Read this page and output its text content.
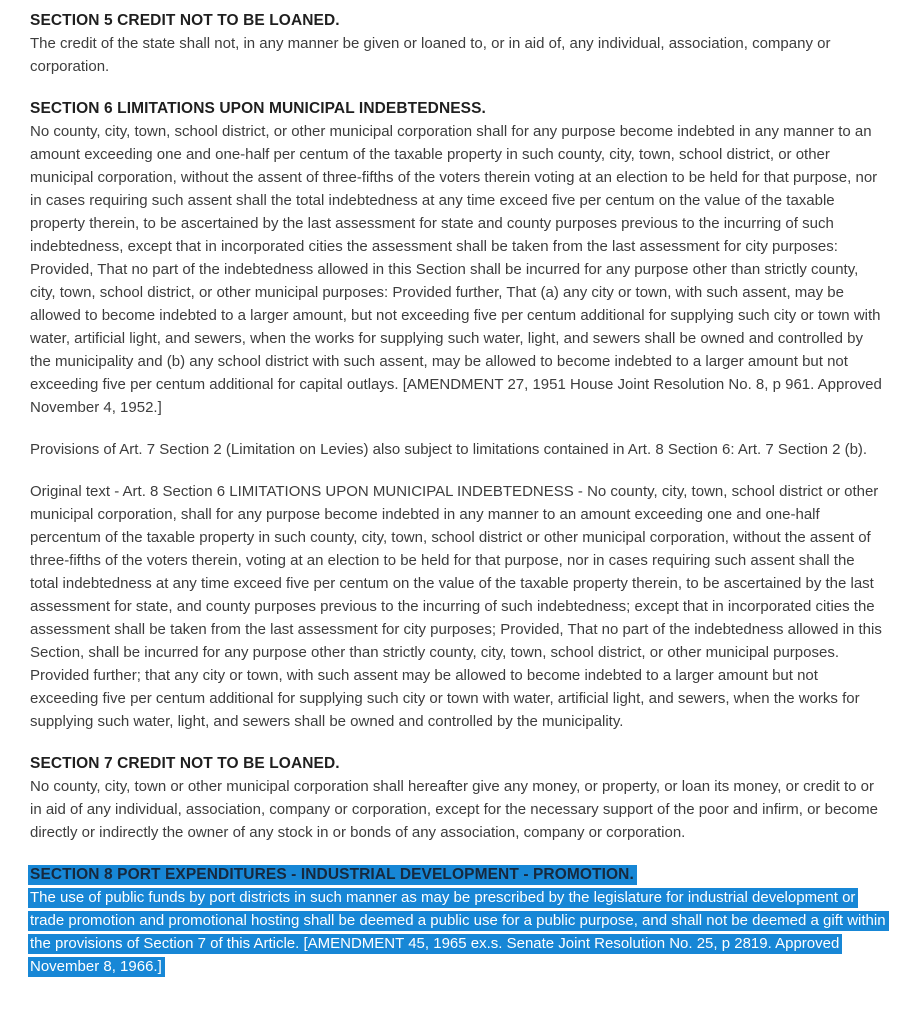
SECTION 5 CREDIT NOT TO BE LOANED.

The credit of the state shall not, in any manner be given or loaned to, or in aid of, any individual, association, company or corporation.

SECTION 6 LIMITATIONS UPON MUNICIPAL INDEBTEDNESS.

No county, city, town, school district, or other municipal corporation shall for any purpose become indebted in any manner to an amount exceeding one and one-half per centum of the taxable property in such county, city, town, school district, or other municipal corporation, without the assent of three-fifths of the voters therein voting at an election to be held for that purpose, nor in cases requiring such assent shall the total indebtedness at any time exceed five per centum on the value of the taxable property therein, to be ascertained by the last assessment for state and county purposes previous to the incurring of such indebtedness, except that in incorporated cities the assessment shall be taken from the last assessment for city purposes: Provided, That no part of the indebtedness allowed in this Section shall be incurred for any purpose other than strictly county, city, town, school district, or other municipal purposes: Provided further, That (a) any city or town, with such assent, may be allowed to become indebted to a larger amount, but not exceeding five per centum additional for supplying such city or town with water, artificial light, and sewers, when the works for supplying such water, light, and sewers shall be owned and controlled by the municipality and (b) any school district with such assent, may be allowed to become indebted to a larger amount but not exceeding five per centum additional for capital outlays. [AMENDMENT 27, 1951 House Joint Resolution No. 8, p 961. Approved November 4, 1952.]

Provisions of Art. 7 Section 2 (Limitation on Levies) also subject to limitations contained in Art. 8 Section 6: Art. 7 Section 2 (b).

Original text - Art. 8 Section 6 LIMITATIONS UPON MUNICIPAL INDEBTEDNESS - No county, city, town, school district or other municipal corporation, shall for any purpose become indebted in any manner to an amount exceeding one and one-half percentum of the taxable property in such county, city, town, school district or other municipal corporation, without the assent of three-fifths of the voters therein, voting at an election to be held for that purpose, nor in cases requiring such assent shall the total indebtedness at any time exceed five per centum on the value of the taxable property therein, to be ascertained by the last assessment for state, and county purposes previous to the incurring of such indebtedness; except that in incorporated cities the assessment shall be taken from the last assessment for city purposes; Provided, That no part of the indebtedness allowed in this Section, shall be incurred for any purpose other than strictly county, city, town, school district, or other municipal purposes. Provided further; that any city or town, with such assent may be allowed to become indebted to a larger amount but not exceeding five per centum additional for supplying such city or town with water, artificial light, and sewers, when the works for supplying such water, light, and sewers shall be owned and controlled by the municipality.

SECTION 7 CREDIT NOT TO BE LOANED.

No county, city, town or other municipal corporation shall hereafter give any money, or property, or loan its money, or credit to or in aid of any individual, association, company or corporation, except for the necessary support of the poor and infirm, or become directly or indirectly the owner of any stock in or bonds of any association, company or corporation.

SECTION 8 PORT EXPENDITURES - INDUSTRIAL DEVELOPMENT - PROMOTION.

The use of public funds by port districts in such manner as may be prescribed by the legislature for industrial development or trade promotion and promotional hosting shall be deemed a public use for a public purpose, and shall not be deemed a gift within the provisions of Section 7 of this Article. [AMENDMENT 45, 1965 ex.s. Senate Joint Resolution No. 25, p 2819. Approved November 8, 1966.]
